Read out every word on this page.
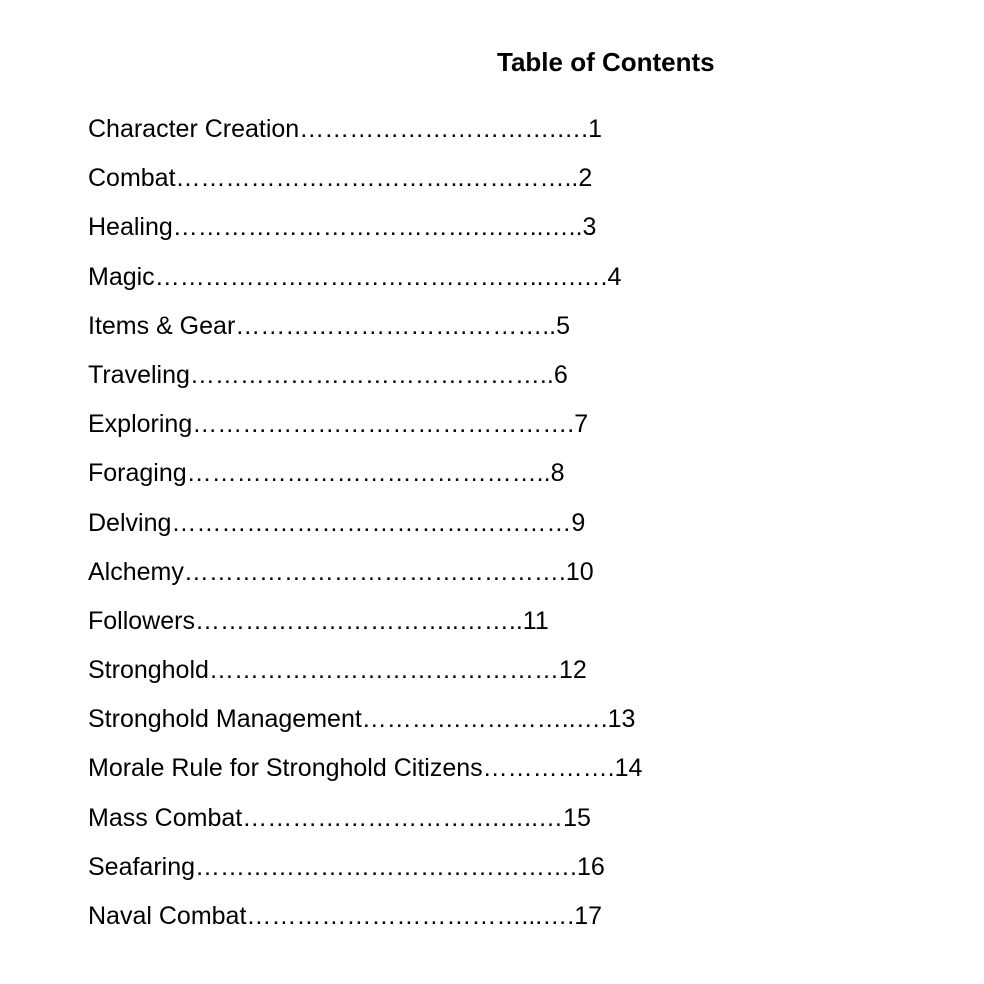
Table of Contents
Character Creation ………………………….…. 1
Combat ……………………………..………….. 2
Healing ……………………………….……..….. 3
Magic ………………………………………..….…. 4
Items & Gear ……………………….……….. 5
Traveling …………………………………….. 6
Exploring ………………………………………. 7
Foraging …………………………………….. 8
Delving ………………………………………… 9
Alchemy ………………………………………. 10
Followers …………………………..…….. 11
Stronghold …………………………………… 12
Stronghold Management ……………………..…. 13
Morale Rule for Stronghold Citizens ……………. 14
Mass Combat ………………………….…..… 15
Seafaring ………………………………………. 16
Naval Combat ……………………………...…. 17
